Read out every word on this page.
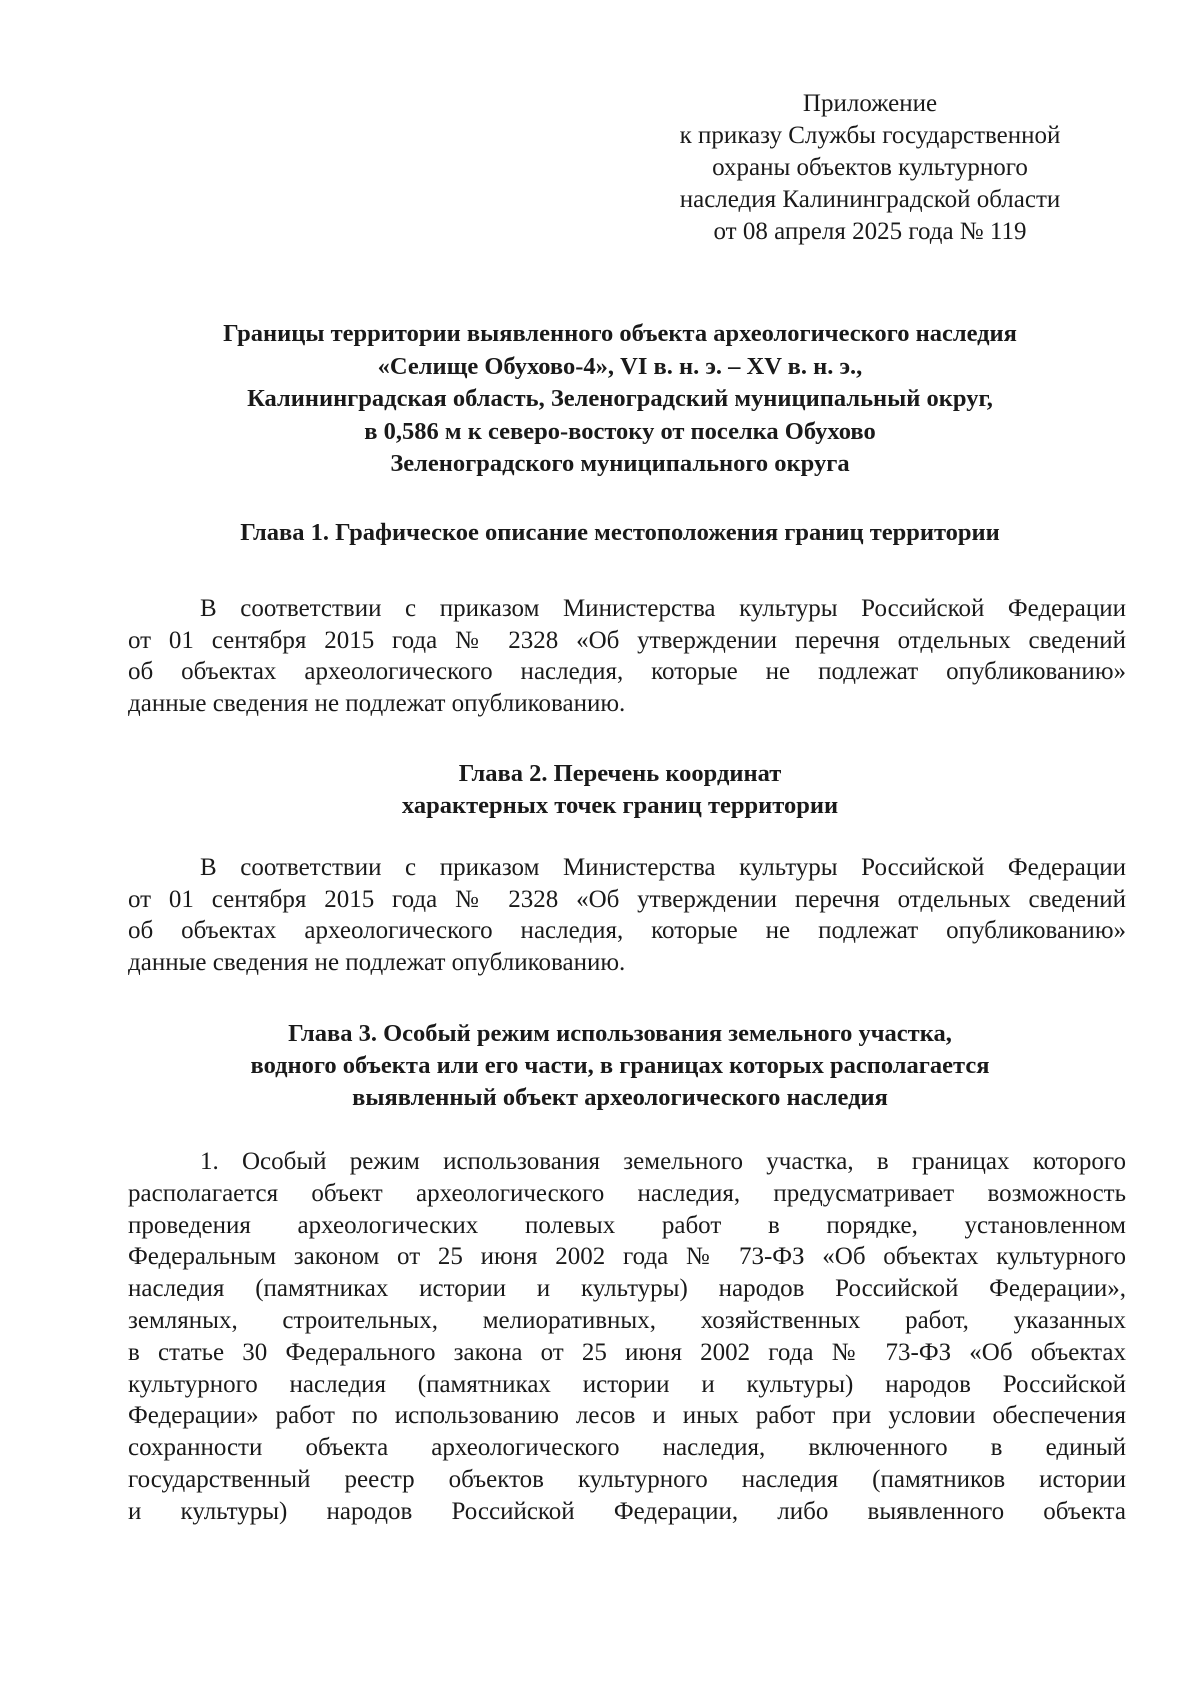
Приложение
к приказу Службы государственной
охраны объектов культурного
наследия Калининградской области
от 08 апреля 2025 года № 119
Границы территории выявленного объекта археологического наследия
«Селище Обухово-4», VI в. н. э. – XV в. н. э.,
Калининградская область, Зеленоградский муниципальный округ,
в 0,586 м к северо-востоку от поселка Обухово
Зеленоградского муниципального округа
Глава 1. Графическое описание местоположения границ территории
В соответствии с приказом Министерства культуры Российской Федерации
от 01 сентября 2015 года № 2328 «Об утверждении перечня отдельных сведений
об объектах археологического наследия, которые не подлежат опубликованию»
данные сведения не подлежат опубликованию.
Глава 2. Перечень координат
характерных точек границ территории
В соответствии с приказом Министерства культуры Российской Федерации
от 01 сентября 2015 года № 2328 «Об утверждении перечня отдельных сведений
об объектах археологического наследия, которые не подлежат опубликованию»
данные сведения не подлежат опубликованию.
Глава 3. Особый режим использования земельного участка,
водного объекта или его части, в границах которых располагается
выявленный объект археологического наследия
1. Особый режим использования земельного участка, в границах которого
располагается объект археологического наследия, предусматривает возможность
проведения археологических полевых работ в порядке, установленном
Федеральным законом от 25 июня 2002 года № 73-ФЗ «Об объектах культурного
наследия (памятниках истории и культуры) народов Российской Федерации»,
земляных, строительных, мелиоративных, хозяйственных работ, указанных
в статье 30 Федерального закона от 25 июня 2002 года № 73-ФЗ «Об объектах
культурного наследия (памятниках истории и культуры) народов Российской
Федерации» работ по использованию лесов и иных работ при условии обеспечения
сохранности объекта археологического наследия, включенного в единый
государственный реестр объектов культурного наследия (памятников истории
и культуры) народов Российской Федерации, либо выявленного объекта
